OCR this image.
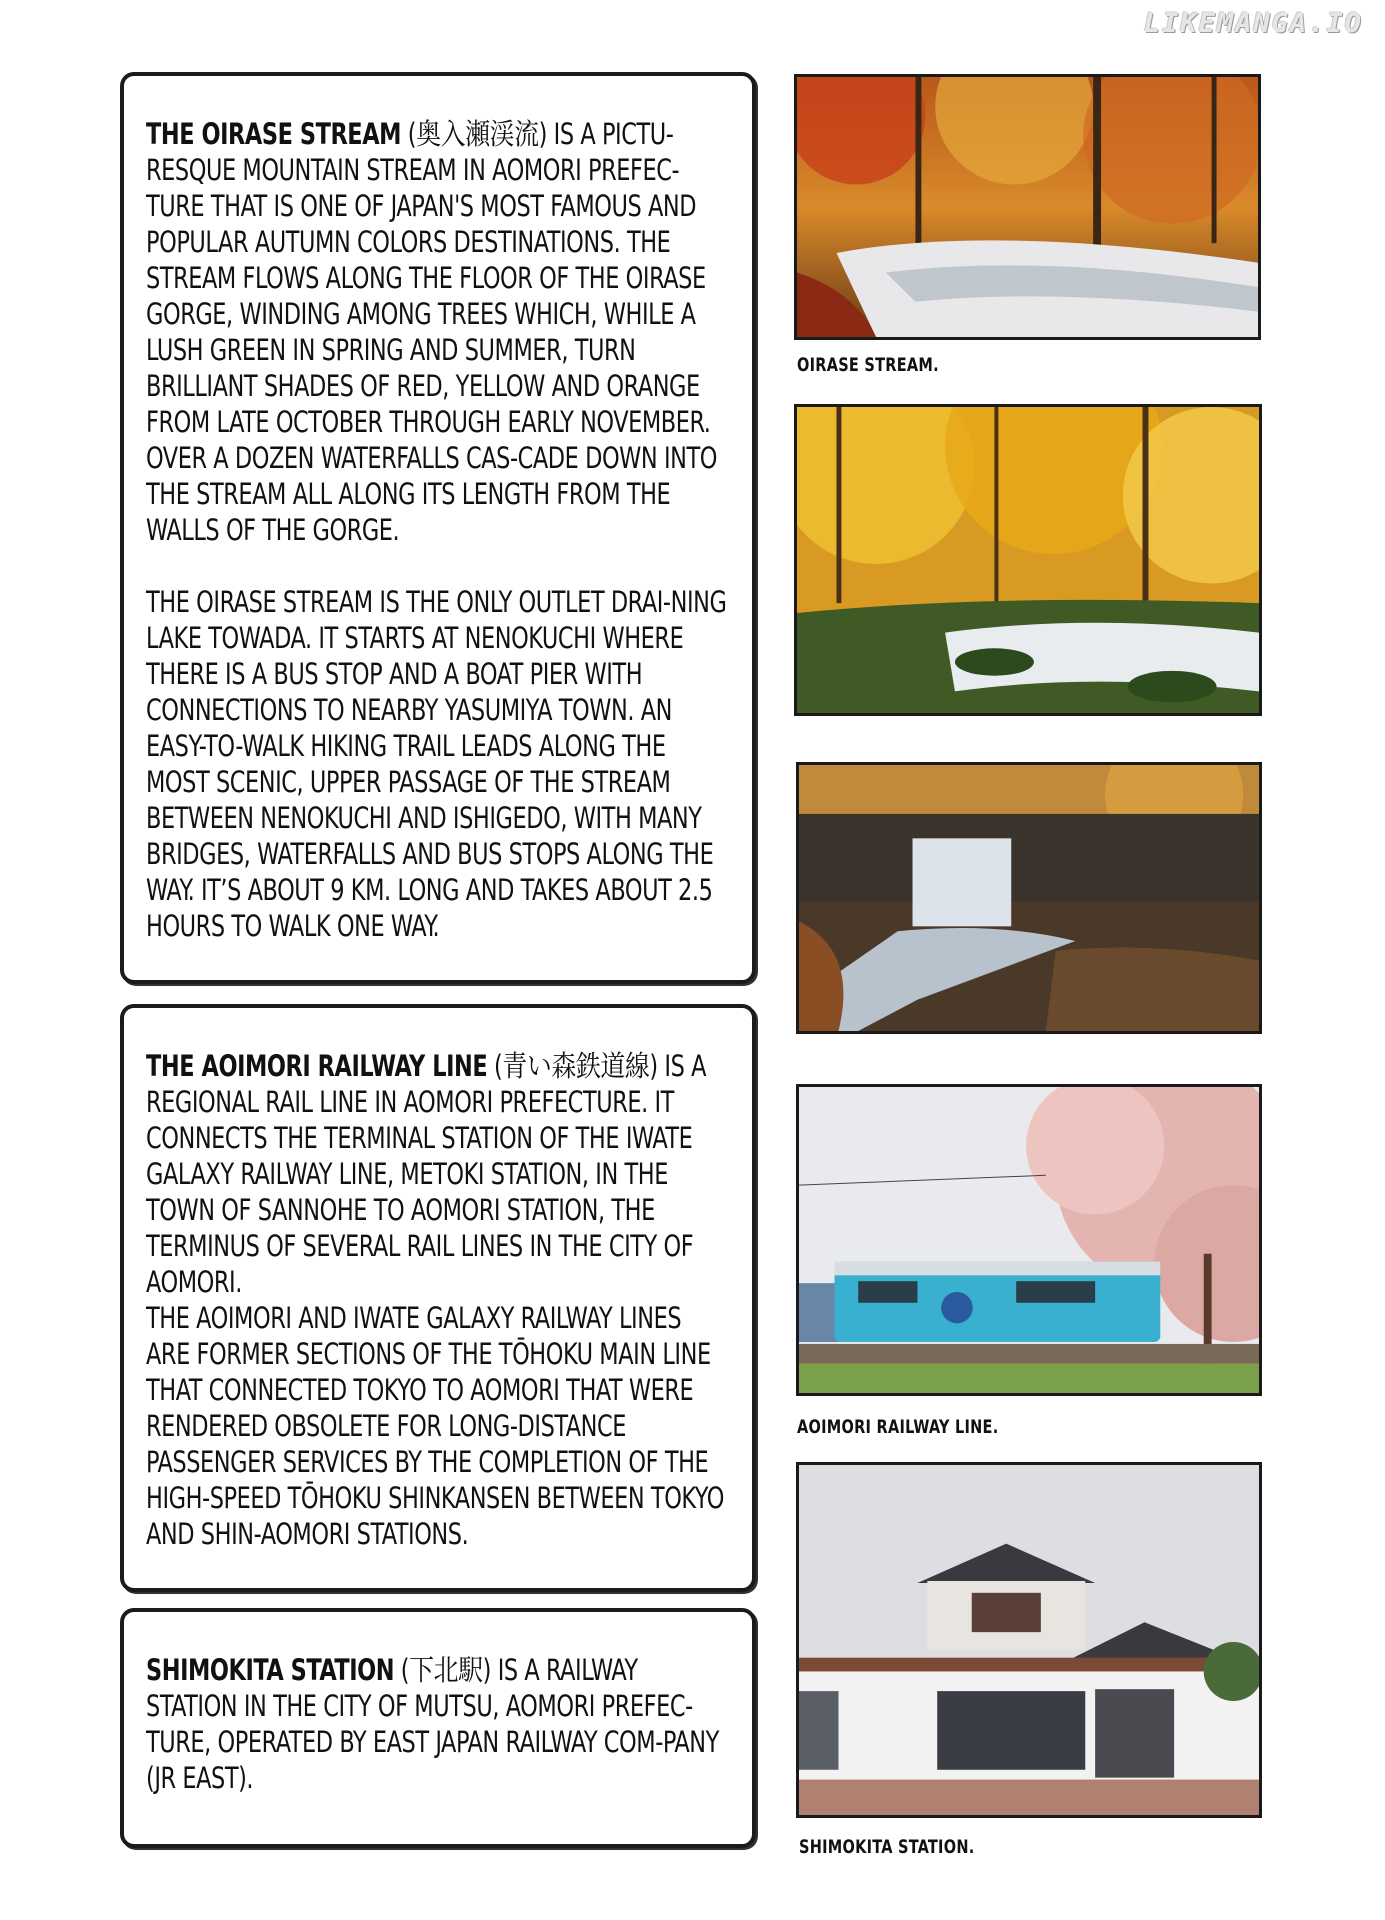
LIKEMANGA.IO

THE OIRASE STREAM (奥入瀬渓流) IS A PICTU-RESQUE MOUNTAIN STREAM IN AOMORI PREFEC-TURE THAT IS ONE OF JAPAN'S MOST FAMOUS AND POPULAR AUTUMN COLORS DESTINATIONS. THE STREAM FLOWS ALONG THE FLOOR OF THE OIRASE GORGE, WINDING AMONG TREES WHICH, WHILE A LUSH GREEN IN SPRING AND SUMMER, TURN BRILLIANT SHADES OF RED, YELLOW AND ORANGE FROM LATE OCTOBER THROUGH EARLY NOVEMBER. OVER A DOZEN WATERFALLS CAS-CADE DOWN INTO THE STREAM ALL ALONG ITS LENGTH FROM THE WALLS OF THE GORGE.

THE OIRASE STREAM IS THE ONLY OUTLET DRAI-NING LAKE TOWADA. IT STARTS AT NENOKUCHI WHERE THERE IS A BUS STOP AND A BOAT PIER WITH CONNECTIONS TO NEARBY YASUMIYA TOWN. AN EASY-TO-WALK HIKING TRAIL LEADS ALONG THE MOST SCENIC, UPPER PASSAGE OF THE STREAM BETWEEN NENOKUCHI AND ISHIGEDO, WITH MANY BRIDGES, WATERFALLS AND BUS STOPS ALONG THE WAY. IT’S ABOUT 9 KM. LONG AND TAKES ABOUT 2.5 HOURS TO WALK ONE WAY.

THE AOIMORI RAILWAY LINE (青い森鉄道線) IS A REGIONAL RAIL LINE IN AOMORI PREFECTURE. IT CONNECTS THE TERMINAL STATION OF THE IWATE GALAXY RAILWAY LINE, METOKI STATION, IN THE TOWN OF SANNOHE TO AOMORI STATION, THE TERMINUS OF SEVERAL RAIL LINES IN THE CITY OF AOMORI.

THE AOIMORI AND IWATE GALAXY RAILWAY LINES ARE FORMER SECTIONS OF THE TŌHOKU MAIN LINE THAT CONNECTED TOKYO TO AOMORI THAT WERE RENDERED OBSOLETE FOR LONG-DISTANCE PASSENGER SERVICES BY THE COMPLETION OF THE HIGH-SPEED TŌHOKU SHINKANSEN BETWEEN TOKYO AND SHIN-AOMORI STATIONS.

SHIMOKITA STATION (下北駅) IS A RAILWAY STATION IN THE CITY OF MUTSU, AOMORI PREFEC-TURE, OPERATED BY EAST JAPAN RAILWAY COM-PANY (JR EAST).

OIRASE STREAM.
AOIMORI RAILWAY LINE.
SHIMOKITA STATION.
